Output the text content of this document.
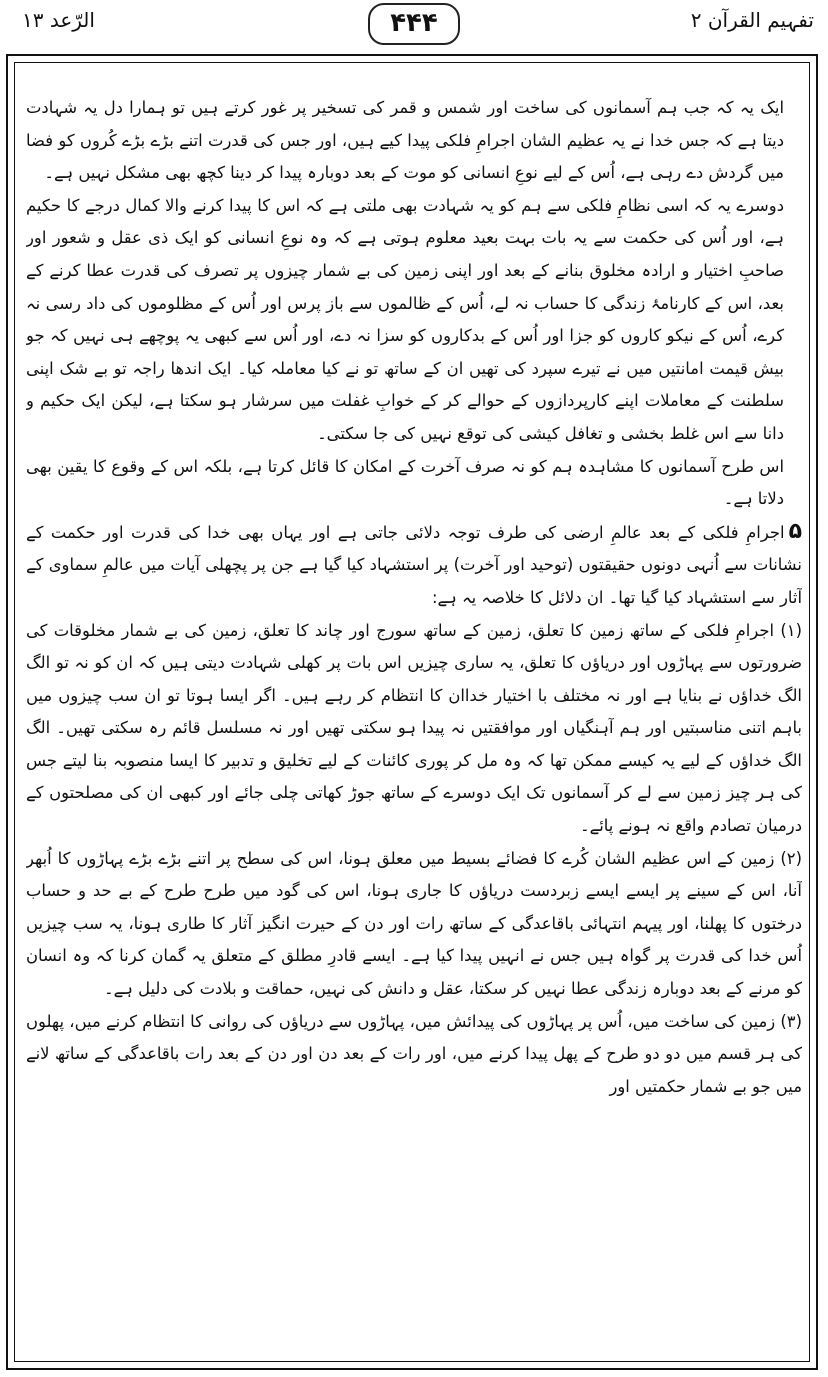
تفہیم القرآن ۲
۴۴۴
الرّعد ۱۳

ایک یہ کہ جب ہم آسمانوں کی ساخت اور شمس و قمر کی تسخیر پر غور کرتے ہیں تو ہمارا دل یہ شہادت دیتا ہے کہ جس خدا نے یہ عظیم الشان اجرامِ فلکی پیدا کیے ہیں، اور جس کی قدرت اتنے بڑے بڑے کُروں کو فضا میں گردش دے رہی ہے، اُس کے لیے نوعِ انسانی کو موت کے بعد دوبارہ پیدا کر دینا کچھ بھی مشکل نہیں ہے۔

دوسرے یہ کہ اسی نظامِ فلکی سے ہم کو یہ شہادت بھی ملتی ہے کہ اس کا پیدا کرنے والا کمال درجے کا حکیم ہے، اور اُس کی حکمت سے یہ بات بہت بعید معلوم ہوتی ہے کہ وہ نوعِ انسانی کو ایک ذی عقل و شعور اور صاحبِ اختیار و ارادہ مخلوق بنانے کے بعد اور اپنی زمین کی بے شمار چیزوں پر تصرف کی قدرت عطا کرنے کے بعد، اس کے کارنامۂ زندگی کا حساب نہ لے، اُس کے ظالموں سے باز پرس اور اُس کے مظلوموں کی داد رسی نہ کرے، اُس کے نیکو کاروں کو جزا اور اُس کے بدکاروں کو سزا نہ دے، اور اُس سے کبھی یہ پوچھے ہی نہیں کہ جو بیش قیمت امانتیں میں نے تیرے سپرد کی تھیں ان کے ساتھ تو نے کیا معاملہ کیا۔ ایک اندھا راجہ تو بے شک اپنی سلطنت کے معاملات اپنے کارپردازوں کے حوالے کر کے خوابِ غفلت میں سرشار ہو سکتا ہے، لیکن ایک حکیم و دانا سے اس غلط بخشی و تغافل کیشی کی توقع نہیں کی جا سکتی۔

اس طرح آسمانوں کا مشاہدہ ہم کو نہ صرف آخرت کے امکان کا قائل کرتا ہے، بلکہ اس کے وقوع کا یقین بھی دلاتا ہے۔

۵اجرامِ فلکی کے بعد عالمِ ارضی کی طرف توجہ دلائی جاتی ہے اور یہاں بھی خدا کی قدرت اور حکمت کے نشانات سے اُنہی دونوں حقیقتوں (توحید اور آخرت) پر استشہاد کیا گیا ہے جن پر پچھلی آیات میں عالمِ سماوی کے آثار سے استشہاد کیا گیا تھا۔ ان دلائل کا خلاصہ یہ ہے:

(۱) اجرامِ فلکی کے ساتھ زمین کا تعلق، زمین کے ساتھ سورج اور چاند کا تعلق، زمین کی بے شمار مخلوقات کی ضرورتوں سے پہاڑوں اور دریاؤں کا تعلق، یہ ساری چیزیں اس بات پر کھلی شہادت دیتی ہیں کہ ان کو نہ تو الگ الگ خداؤں نے بنایا ہے اور نہ مختلف با اختیار خداان کا انتظام کر رہے ہیں۔ اگر ایسا ہوتا تو ان سب چیزوں میں باہم اتنی مناسبتیں اور ہم آہنگیاں اور موافقتیں نہ پیدا ہو سکتی تھیں اور نہ مسلسل قائم رہ سکتی تھیں۔ الگ الگ خداؤں کے لیے یہ کیسے ممکن تھا کہ وہ مل کر پوری کائنات کے لیے تخلیق و تدبیر کا ایسا منصوبہ بنا لیتے جس کی ہر چیز زمین سے لے کر آسمانوں تک ایک دوسرے کے ساتھ جوڑ کھاتی چلی جائے اور کبھی ان کی مصلحتوں کے درمیان تصادم واقع نہ ہونے پائے۔

(۲) زمین کے اس عظیم الشان کُرے کا فضائے بسیط میں معلق ہونا، اس کی سطح پر اتنے بڑے بڑے پہاڑوں کا اُبھر آنا، اس کے سینے پر ایسے ایسے زبردست دریاؤں کا جاری ہونا، اس کی گود میں طرح طرح کے بے حد و حساب درختوں کا پھلنا، اور پیہم انتہائی باقاعدگی کے ساتھ رات اور دن کے حیرت انگیز آثار کا طاری ہونا، یہ سب چیزیں اُس خدا کی قدرت پر گواہ ہیں جس نے انہیں پیدا کیا ہے۔ ایسے قادرِ مطلق کے متعلق یہ گمان کرنا کہ وہ انسان کو مرنے کے بعد دوبارہ زندگی عطا نہیں کر سکتا، عقل و دانش کی نہیں، حماقت و بلادت کی دلیل ہے۔

(۳) زمین کی ساخت میں، اُس پر پہاڑوں کی پیدائش میں، پہاڑوں سے دریاؤں کی روانی کا انتظام کرنے میں، پھلوں کی ہر قسم میں دو دو طرح کے پھل پیدا کرنے میں، اور رات کے بعد دن اور دن کے بعد رات باقاعدگی کے ساتھ لانے میں جو بے شمار حکمتیں اور
